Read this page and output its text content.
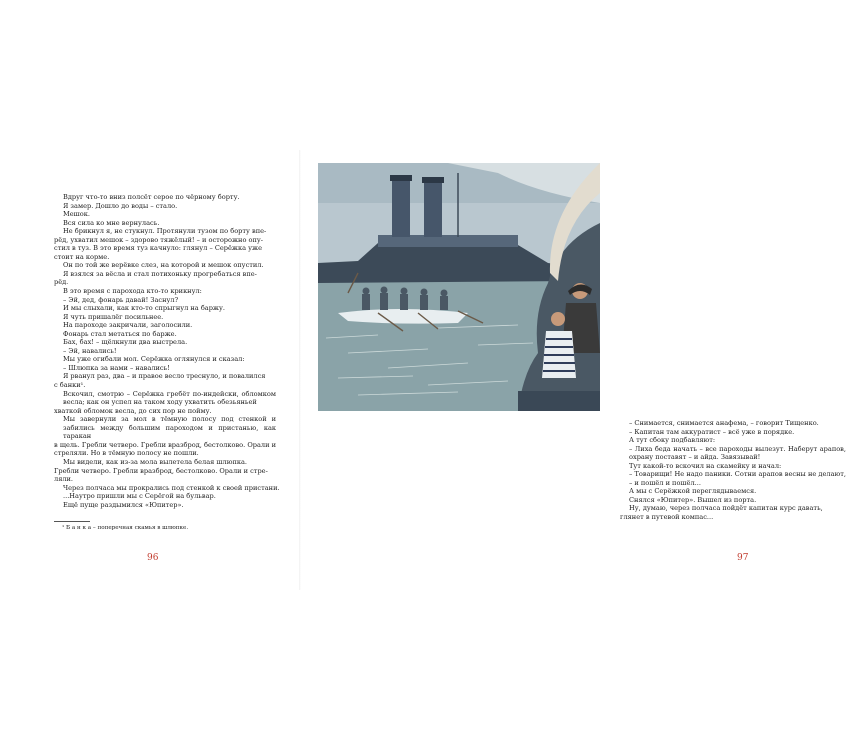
Вдруг что-то вниз полсёт серое по чёрному борту.
Я замер. Дошло до воды – стало.
Мешок.
Вся сила ко мне вернулась.
Не брикнул я, не стукнул. Протянули тузом по борту впе-
рёд, ухватил мешок – здорово тяжёлый! – и осторожно опу-
стил в туз. В это время туз качнуло: глянул – Серёжка уже
стоит на корме.
Он по той же верёвке слез, на которой и мешок опустил.
Я взялся за вёсла и стал потихоньку прогребаться впе-
рёд.
В это время с парохода кто-то крикнул:
– Эй, дед, фонарь давай! Заснул?
И мы слыхали, как кто-то спрыгнул на баржу.
Я чуть пришалёг посильнее.
На пароходе закричали, заголосили.
Фонарь стал метаться по барже.
Бах, бах! – щёлкнули два выстрела.
– Эй, навались!
Мы уже огибали мол. Серёжка оглянулся и сказал:
– Шлюпка за нами – навались!
Я рванул раз, два – и правое весло треснуло, и повалился
с банки¹.
Вскочил, смотрю – Серёжка гребёт по-индейски, обломком весла; как он успел на таком ходу ухватить обезьяньей
хваткой обломок весла, до сих пор не пойму.
Мы завернули за мол в тёмную полосу под стенкой и забились между большим пароходом и пристанью, как таракан
в щель. Гребли четверо. Гребли вразброд, бестолково. Орали и стреляли. Но в тёмную полосу не пошли.
Мы видели, как из-за мола вылетела белая шлюпка.
Гребли четверо. Гребли вразброд, бестолково. Орали и стре-
ляли.
Через полчаса мы прокрались под стенкой к своей пристани.
...Наутро пришли мы с Серёгой на бульвар.
Ещё пуще раздымился «Юпитер».
¹ Б а н к а – поперечная скамья в шлюпке.
96
– Снимается, снимается анафема, – говорит Тищенко.
– Капитан там аккуратист – всё уже в порядке.
А тут сбоку подбавляют:
– Лиха беда начать – все пароходы вылезут. Наберут арапов, охрану поставят – и айда. Завязывай!
Тут какой-то вскочил на скамейку и начал:
– Товарищи! Не надо паники. Сотни арапов весны не делают, – и пошёл и пошёл...
А мы с Серёжкой переглядываемся.
Снялся «Юпитер». Вышел из порта.
Ну, думаю, через полчаса пойдёт капитан курс давать,
глянет в путевой компас...
97
